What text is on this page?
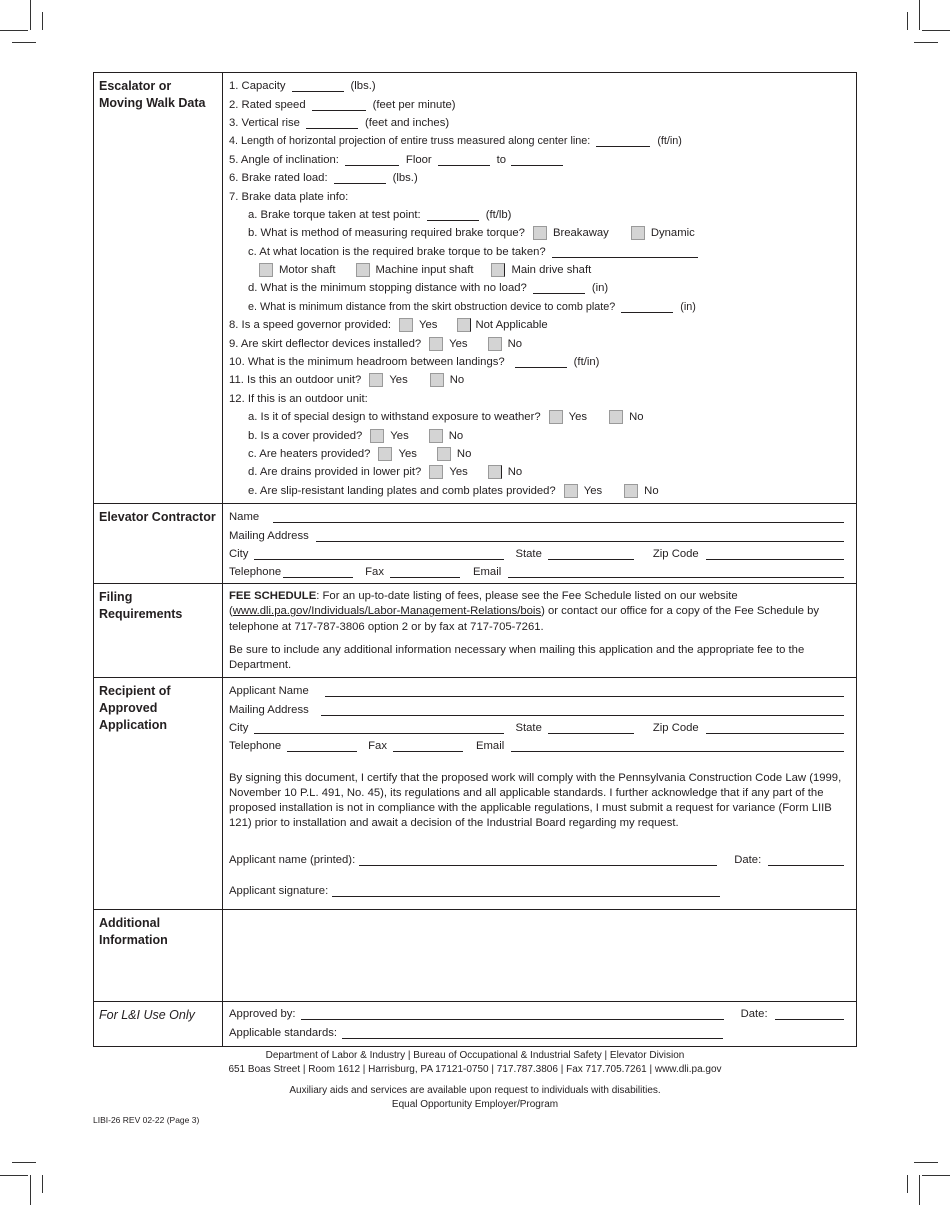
Escalator or Moving Walk Data
1. Capacity	(lbs.)
2. Rated speed	(feet per minute)
3. Vertical rise	(feet and inches)
4. Length of horizontal projection of entire truss measured along center line:	(ft/in)
5. Angle of inclination:	Floor	to
6. Brake rated load:	(lbs.)
7. Brake data plate info:
a. Brake torque taken at test point:	(ft/lb)
b. What is method of measuring required brake torque? Breakaway	Dynamic
c. At what location is the required brake torque to be taken?
Motor shaft	Machine input shaft	Main drive shaft
d. What is the minimum stopping distance with no load?	(in)
e. What is minimum distance from the skirt obstruction device to comb plate?	(in)
8. Is a speed governor provided: Yes	Not Applicable
9. Are skirt deflector devices installed? Yes	No
10. What is the minimum headroom between landings?	(ft/in)
11. Is this an outdoor unit? Yes	No
12. If this is an outdoor unit:
a. Is it of special design to withstand exposure to weather? Yes	No
b. Is a cover provided? Yes	No
c. Are heaters provided? Yes	No
d. Are drains provided in lower pit? Yes	No
e. Are slip-resistant landing plates and comb plates provided? Yes	No
Elevator Contractor	Name
Mailing Address
City	State	Zip Code
Telephone	Fax	Email
Filing Requirements

FEE SCHEDULE: For an up-to-date listing of fees, please see the Fee Schedule listed on our website (www.dli.pa.gov/Individuals/Labor-Management-Relations/bois) or contact our office for a copy of the Fee Schedule by telephone at 717-787-3806 option 2 or by fax at 717-705-7261.

Be sure to include any additional information necessary when mailing this application and the appropriate fee to the Department.

Recipient of Approved Application
Applicant Name
Mailing Address
City	State	Zip Code
Telephone	Fax	Email

By signing this document, I certify that the proposed work will comply with the Pennsylvania Construction Code Law (1999, November 10 P.L. 491, No. 45), its regulations and all applicable standards. I further acknowledge that if any part of the proposed installation is not in compliance with the applicable regulations, I must submit a request for variance (Form LIIB 121) prior to installation and await a decision of the Industrial Board regarding my request.

Applicant name (printed):	Date:
Applicant signature:
Additional Information
For L&I Use Only	Approved by:	Date:
Applicable standards:
Department of Labor & Industry | Bureau of Occupational & Industrial Safety | Elevator Division
651 Boas Street | Room 1612 | Harrisburg, PA 17121-0750 | 717.787.3806 | Fax 717.705.7261 | www.dli.pa.gov
Auxiliary aids and services are available upon request to individuals with disabilities.
Equal Opportunity Employer/Program
LIBI-26 REV 02-22 (Page 3)
